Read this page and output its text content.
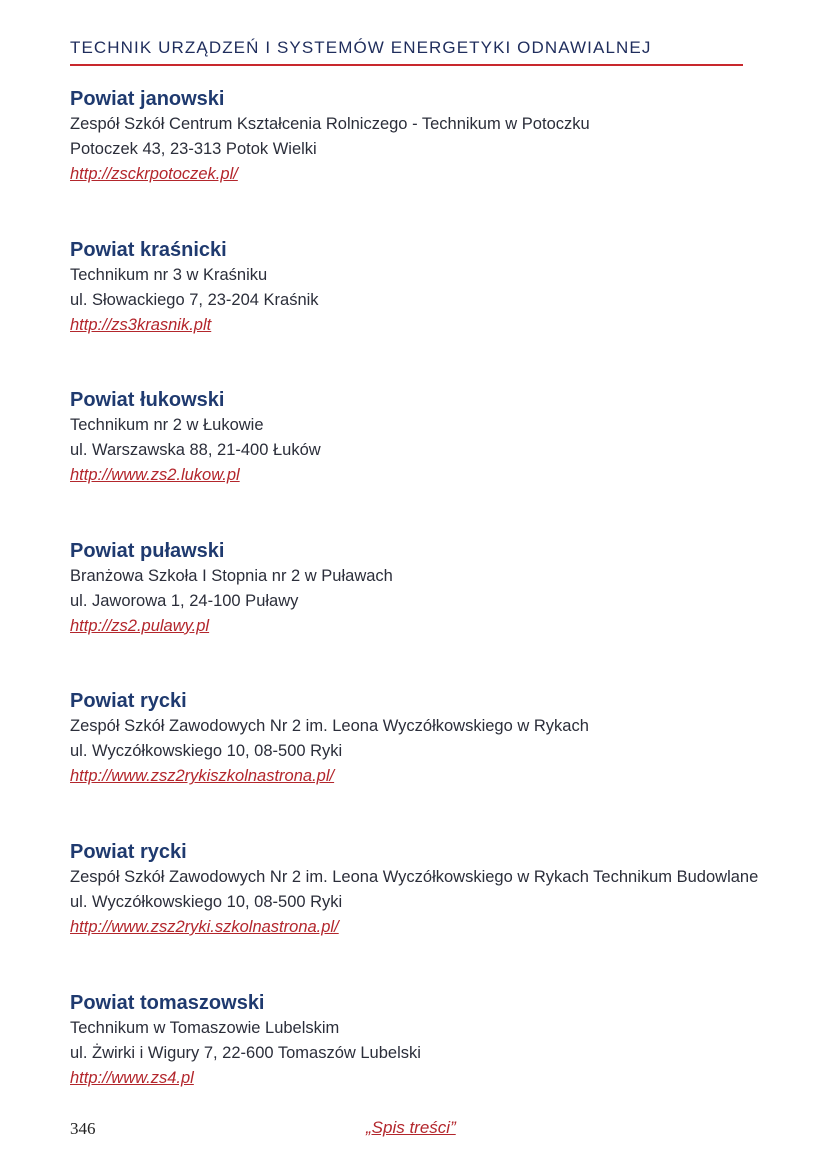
TECHNIK URZĄDZEŃ I SYSTEMÓW ENERGETYKI ODNAWIALNEJ
Powiat janowski
Zespół Szkół Centrum Kształcenia Rolniczego - Technikum w Potoczku
Potoczek 43, 23-313 Potok Wielki
http://zsckrpotoczek.pl/
Powiat kraśnicki
Technikum nr 3 w Kraśniku
ul. Słowackiego 7, 23-204 Kraśnik
http://zs3krasnik.plt
Powiat łukowski
Technikum nr 2 w Łukowie
ul. Warszawska 88, 21-400 Łuków
http://www.zs2.lukow.pl
Powiat puławski
Branżowa Szkoła I Stopnia nr 2 w Puławach
ul. Jaworowa 1, 24-100 Puławy
http://zs2.pulawy.pl
Powiat rycki
Zespół Szkół Zawodowych Nr 2 im. Leona Wyczółkowskiego w Rykach
ul. Wyczółkowskiego 10, 08-500 Ryki
http://www.zsz2rykiszkolnastrona.pl/
Powiat rycki
Zespół Szkół Zawodowych Nr 2 im. Leona Wyczółkowskiego w Rykach Technikum Budowlane
ul. Wyczółkowskiego 10, 08-500 Ryki
http://www.zsz2ryki.szkolnastrona.pl/
Powiat tomaszowski
Technikum w Tomaszowie Lubelskim
ul. Żwirki i Wigury 7, 22-600 Tomaszów Lubelski
http://www.zs4.pl
346	„Spis treści”
